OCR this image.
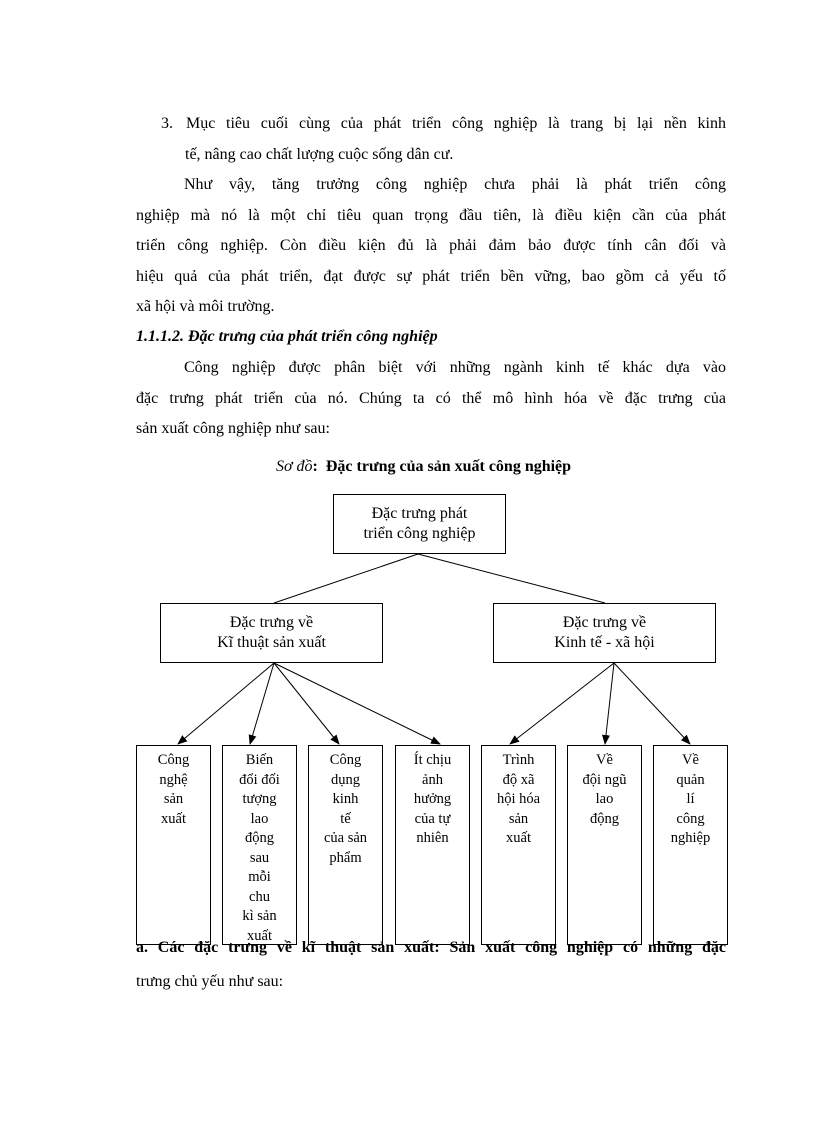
3. Mục tiêu cuối cùng của phát triển công nghiệp là trang bị lại nền kinh
tế, nâng cao chất lượng cuộc sống dân cư.
Như vậy, tăng trưởng công nghiệp chưa phải là phát triển công
nghiệp mà nó là một chỉ tiêu quan trọng đầu tiên, là điều kiện cần của phát
triển công nghiệp. Còn điều kiện đủ là phải đảm bảo được tính cân đối và
hiệu quả của phát triển, đạt được sự phát triển bền vững, bao gồm cả yếu tố
xã hội và môi trường.
1.1.1.2. Đặc trưng của phát triển công nghiệp
Công nghiệp được phân biệt với những ngành kinh tế khác dựa vào
đặc trưng phát triển của nó. Chúng ta có thể mô hình hóa về đặc trưng của
sản xuất công nghiệp như sau:
Sơ đồ: Đặc trưng của sản xuất công nghiệp
Đặc trưng phát
triển công nghiệp
Đặc trưng về
Kĩ thuật sản xuất
Đặc trưng về
Kinh tế - xã hội
Công
nghệ
sản
xuất
Biến
đổi đối
tượng
lao
động
sau
mỗi
chu
kì sản
xuất
Công
dụng
kinh
tế
của sản
phẩm
Ít chịu
ảnh
hưởng
của tự
nhiên
Trình
độ xã
hội hóa
sản
xuất
Về
đội ngũ
lao
động
Về
quản
lí
công
nghiệp
a. Các đặc trưng về kĩ thuật sản xuất: Sản xuất công nghiệp có những đặc
trưng chủ yếu như sau:
